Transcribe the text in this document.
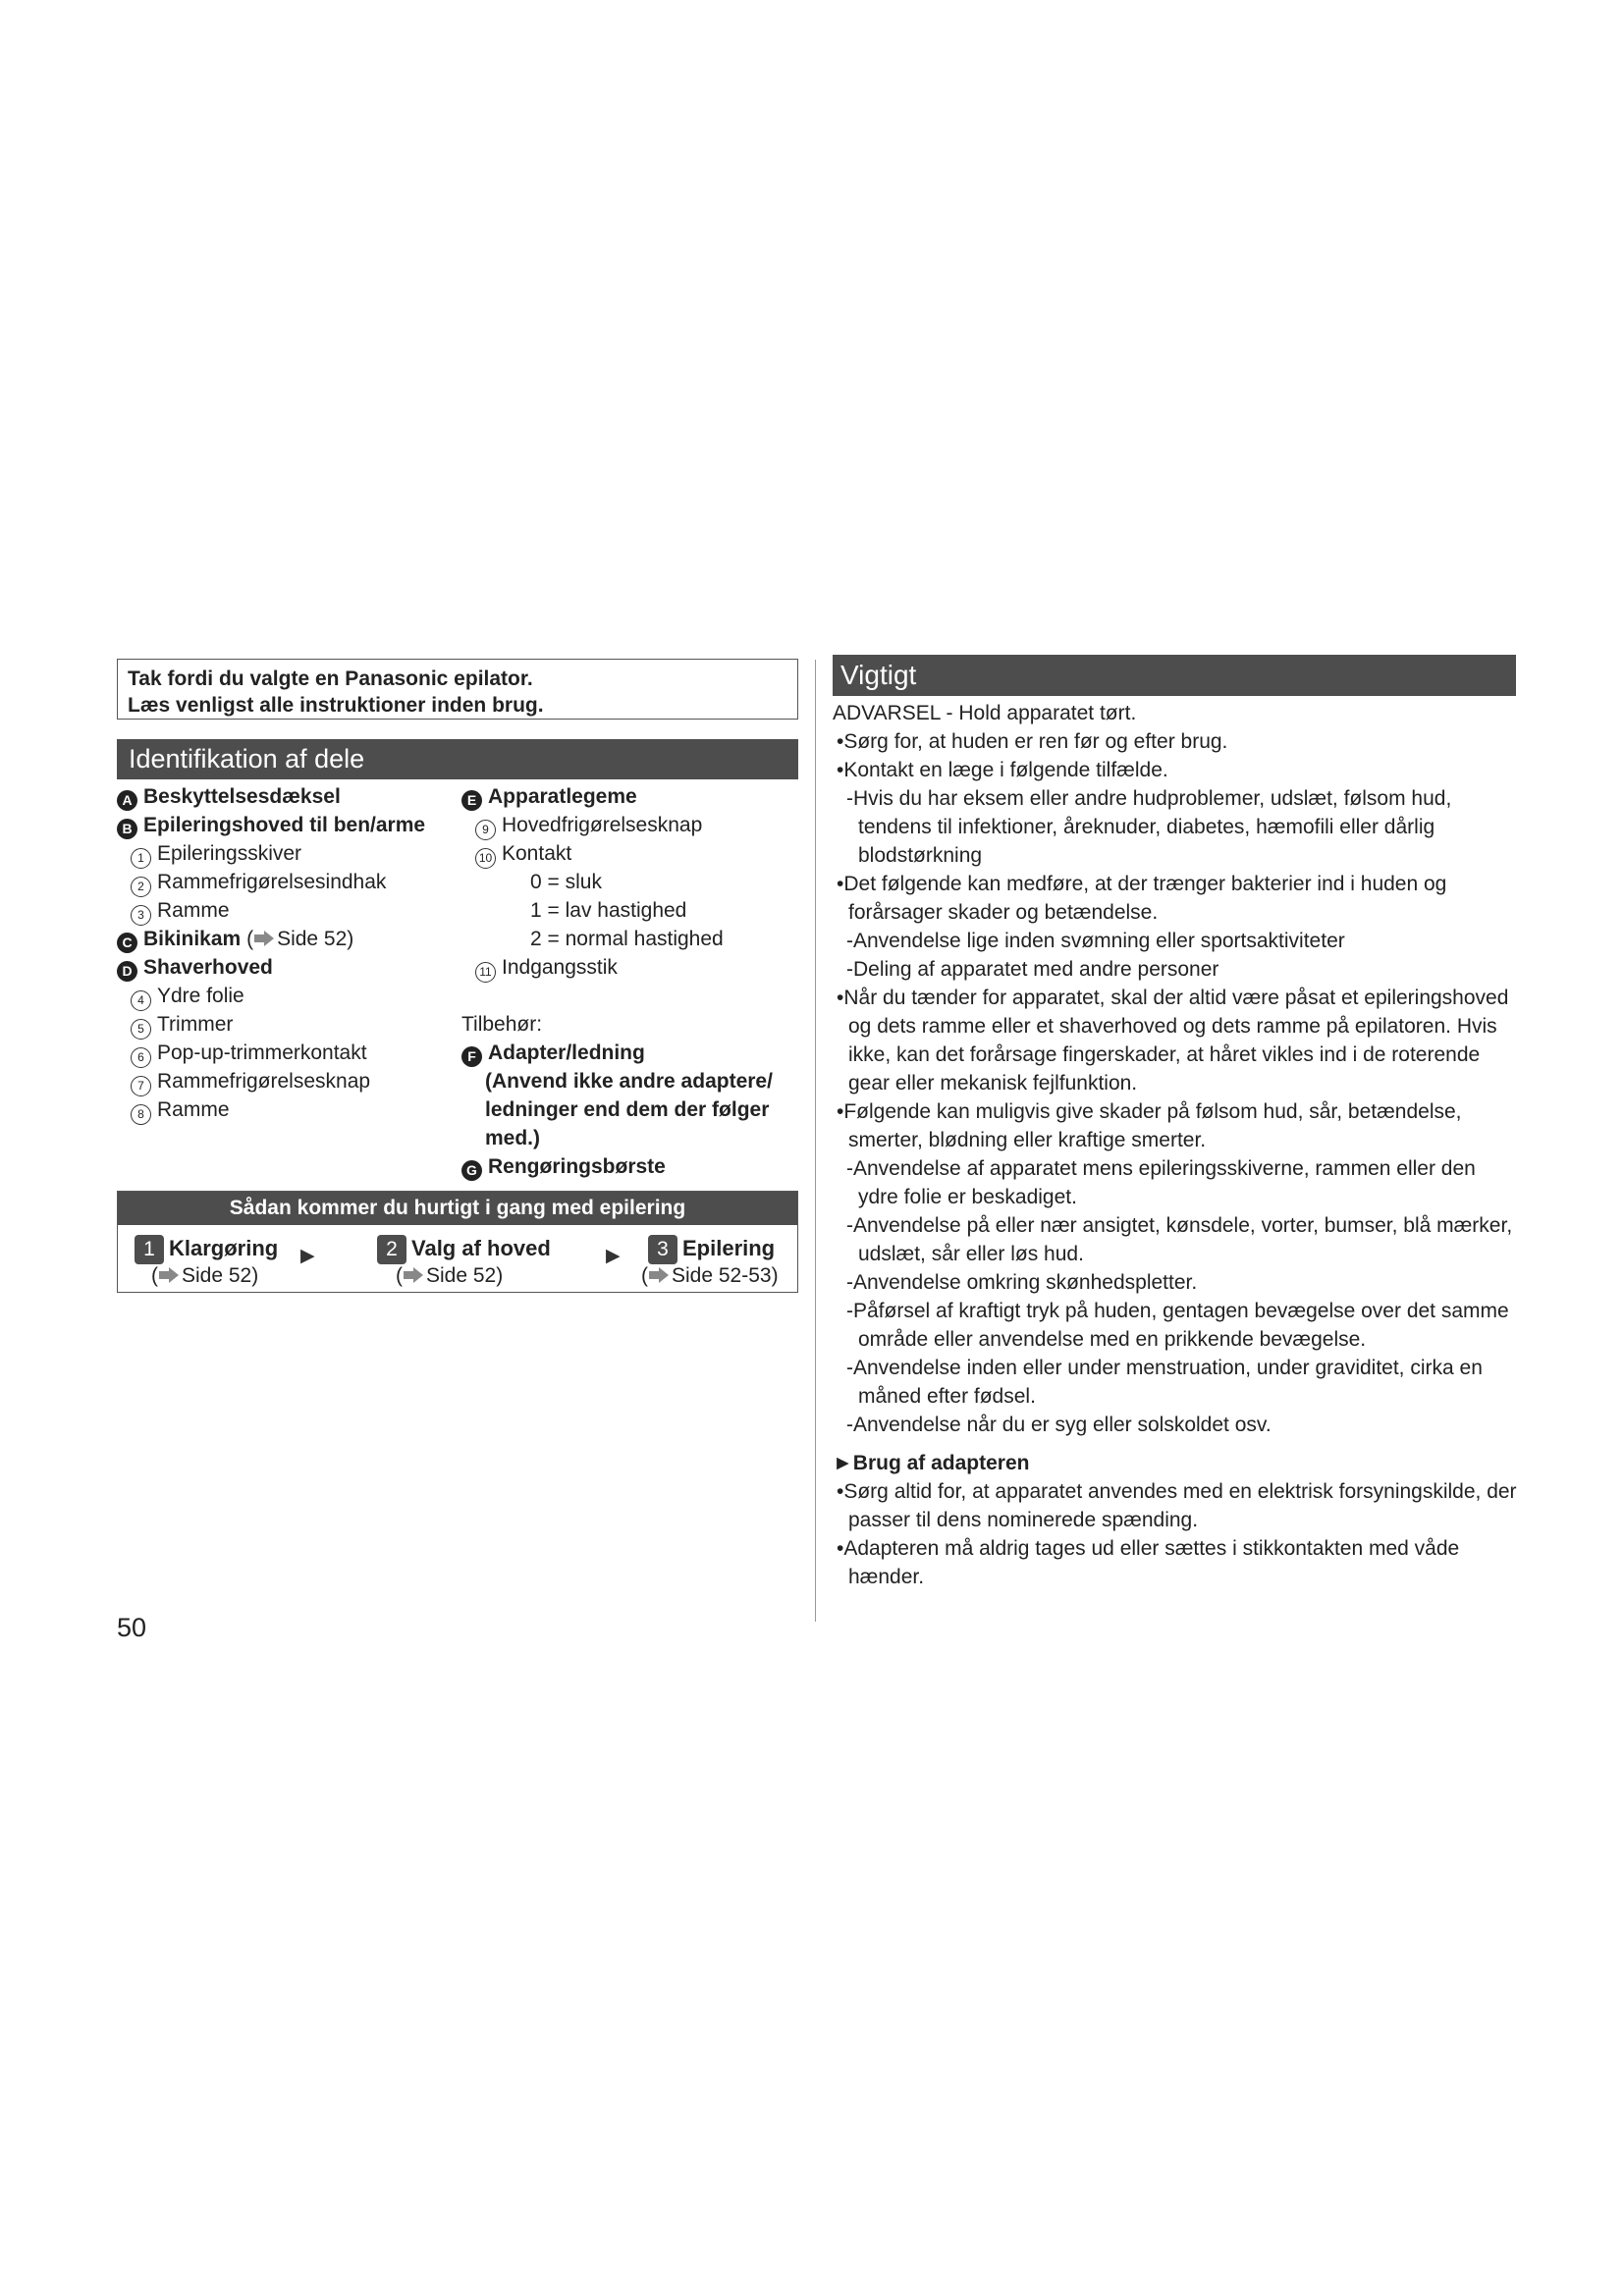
Tak fordi du valgte en Panasonic epilator.
Læs venligst alle instruktioner inden brug.
Identifikation af dele
A Beskyttelsesdæksel
B Epileringshoved til ben/arme
1 Epileringsskiver
2 Rammefrigørelsesindhak
3 Ramme
C Bikinikam ( Side 52)
D Shaverhoved
4 Ydre folie
5 Trimmer
6 Pop-up-trimmerkontakt
7 Rammefrigørelsesknap
8 Ramme
E Apparatlegeme
9 Hovedfrigørelsesknap
10 Kontakt
0 = sluk
1 = lav hastighed
2 = normal hastighed
11 Indgangsstik

Tilbehør:
F Adapter/ledning
(Anvend ikke andre adaptere/
ledninger end dem der følger
med.)
G Rengøringsbørste
Sådan kommer du hurtigt i gang med epilering
1 Klargøring
( Side 52)
▶	2 Valg af hoved
( Side 52)
▶	3 Epilering
( Side 52-53)
Vigtigt
ADVARSEL - Hold apparatet tørt.
•Sørg for, at huden er ren før og efter brug.
•Kontakt en læge i følgende tilfælde.
-Hvis du har eksem eller andre hudproblemer, udslæt, følsom hud, tendens til infektioner, åreknuder, diabetes, hæmofili eller dårlig blodstørkning
•Det følgende kan medføre, at der trænger bakterier ind i huden og forårsager skader og betændelse.
-Anvendelse lige inden svømning eller sportsaktiviteter
-Deling af apparatet med andre personer
•Når du tænder for apparatet, skal der altid være påsat et epileringshoved og dets ramme eller et shaverhoved og dets ramme på epilatoren. Hvis ikke, kan det forårsage fingerskader, at håret vikles ind i de roterende gear eller mekanisk fejlfunktion.
•Følgende kan muligvis give skader på følsom hud, sår, betændelse, smerter, blødning eller kraftige smerter.
-Anvendelse af apparatet mens epileringsskiverne, rammen eller den ydre folie er beskadiget.
-Anvendelse på eller nær ansigtet, kønsdele, vorter, bumser, blå mærker, udslæt, sår eller løs hud.
-Anvendelse omkring skønhedspletter.
-Påførsel af kraftigt tryk på huden, gentagen bevægelse over det samme område eller anvendelse med en prikkende bevægelse.
-Anvendelse inden eller under menstruation, under graviditet, cirka en måned efter fødsel.
-Anvendelse når du er syg eller solskoldet osv.
►Brug af adapteren
•Sørg altid for, at apparatet anvendes med en elektrisk forsyningskilde, der passer til dens nominerede spænding.
•Adapteren må aldrig tages ud eller sættes i stikkontakten med våde hænder.
50
